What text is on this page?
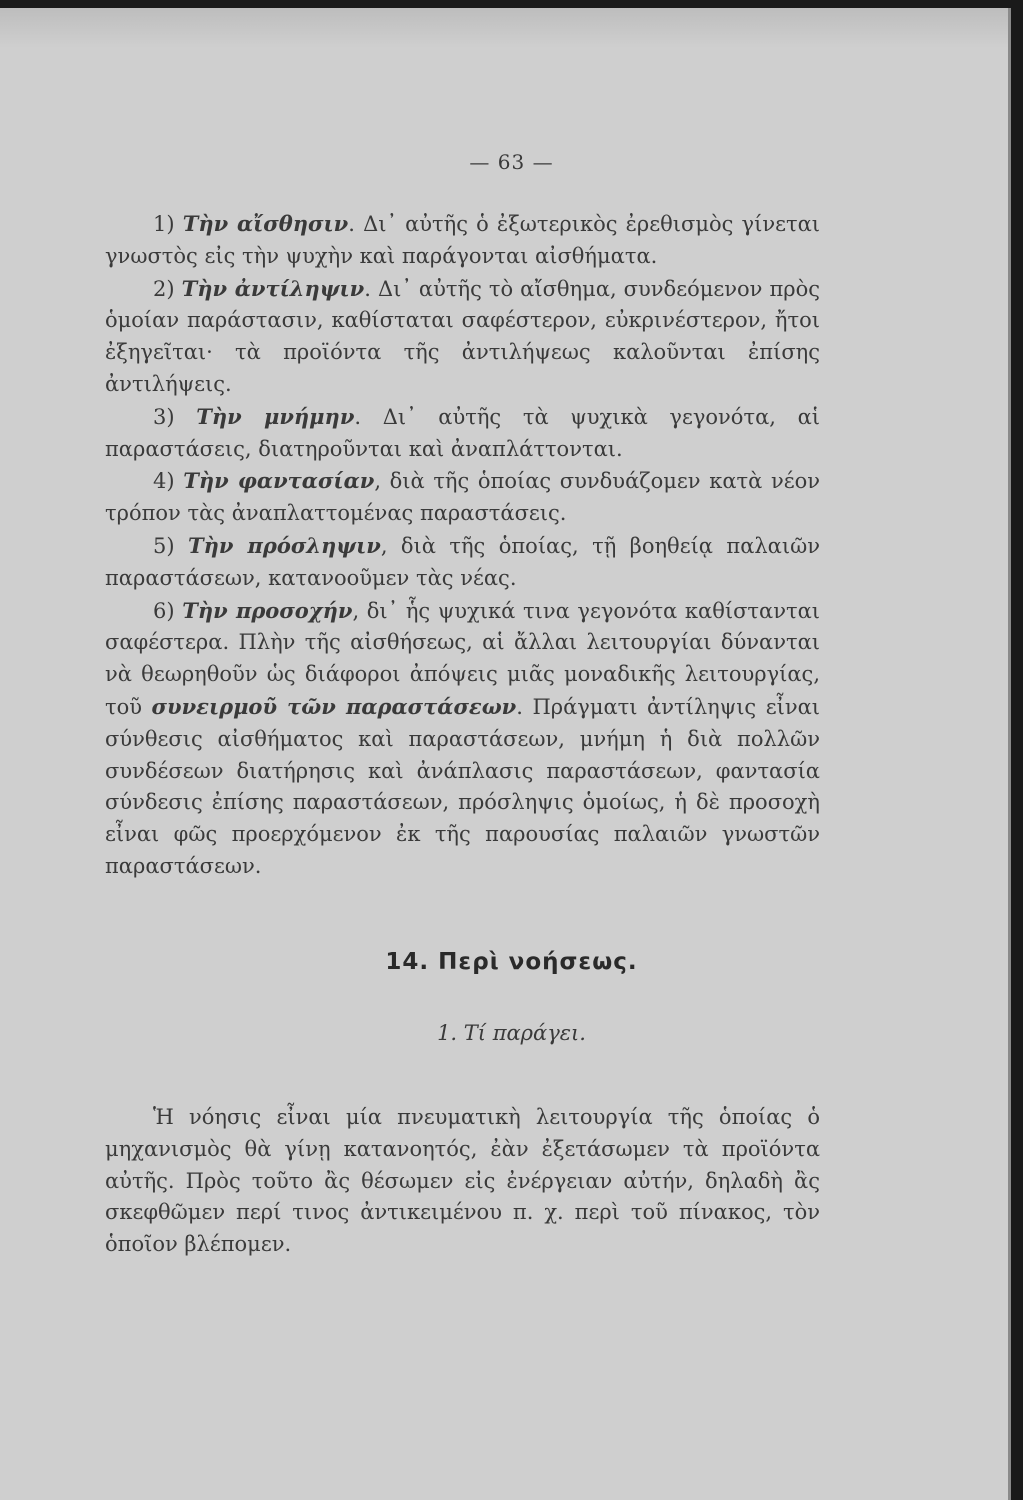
— 63 —

1) Τὴν αἴσθησιν. Δι᾽ αὐτῆς ὁ ἐξωτερικὸς ἐρεθισμὸς γίνεται γνωστὸς εἰς τὴν ψυχὴν καὶ παράγονται αἰσθήματα.

2) Τὴν ἀντίληψιν. Δι᾽ αὐτῆς τὸ αἴσθημα, συνδεόμενον πρὸς ὁμοίαν παράστασιν, καθίσταται σαφέστερον, εὐκρινέστερον, ἤτοι ἐξηγεῖται· τὰ προϊόντα τῆς ἀντιλήψεως καλοῦνται ἐπίσης ἀντιλήψεις.

3) Τὴν μνήμην. Δι᾽ αὐτῆς τὰ ψυχικὰ γεγονότα, αἱ παραστάσεις, διατηροῦνται καὶ ἀναπλάττονται.

4) Τὴν φαντασίαν, διὰ τῆς ὁποίας συνδυάζομεν κατὰ νέον τρόπον τὰς ἀναπλαττομένας παραστάσεις.

5) Τὴν πρόσληψιν, διὰ τῆς ὁποίας, τῇ βοηθείᾳ παλαιῶν παραστάσεων, κατανοοῦμεν τὰς νέας.

6) Τὴν προσοχήν, δι᾽ ἧς ψυχικά τινα γεγονότα καθίστανται σαφέστερα. Πλὴν τῆς αἰσθήσεως, αἱ ἄλλαι λειτουργίαι δύνανται νὰ θεωρηθοῦν ὡς διάφοροι ἀπόψεις μιᾶς μοναδικῆς λειτουργίας, τοῦ συνειρμοῦ τῶν παραστάσεων. Πράγματι ἀντίληψις εἶναι σύνθεσις αἰσθήματος καὶ παραστάσεων, μνήμη ἡ διὰ πολλῶν συνδέσεων διατήρησις καὶ ἀνάπλασις παραστάσεων, φαντασία σύνδεσις ἐπίσης παραστάσεων, πρόσληψις ὁμοίως, ἡ δὲ προσοχὴ εἶναι φῶς προερχόμενον ἐκ τῆς παρουσίας παλαιῶν γνωστῶν παραστάσεων.

14. Περὶ νοήσεως.
1. Τί παράγει.

Ἡ νόησις εἶναι μία πνευματικὴ λειτουργία τῆς ὁποίας ὁ μηχανισμὸς θὰ γίνῃ κατανοητός, ἐὰν ἐξετάσωμεν τὰ προϊόντα αὐτῆς. Πρὸς τοῦτο ἂς θέσωμεν εἰς ἐνέργειαν αὐτήν, δηλαδὴ ἂς σκεφθῶμεν περί τινος ἀντικειμένου π. χ. περὶ τοῦ πίνακος, τὸν ὁποῖον βλέπομεν.
